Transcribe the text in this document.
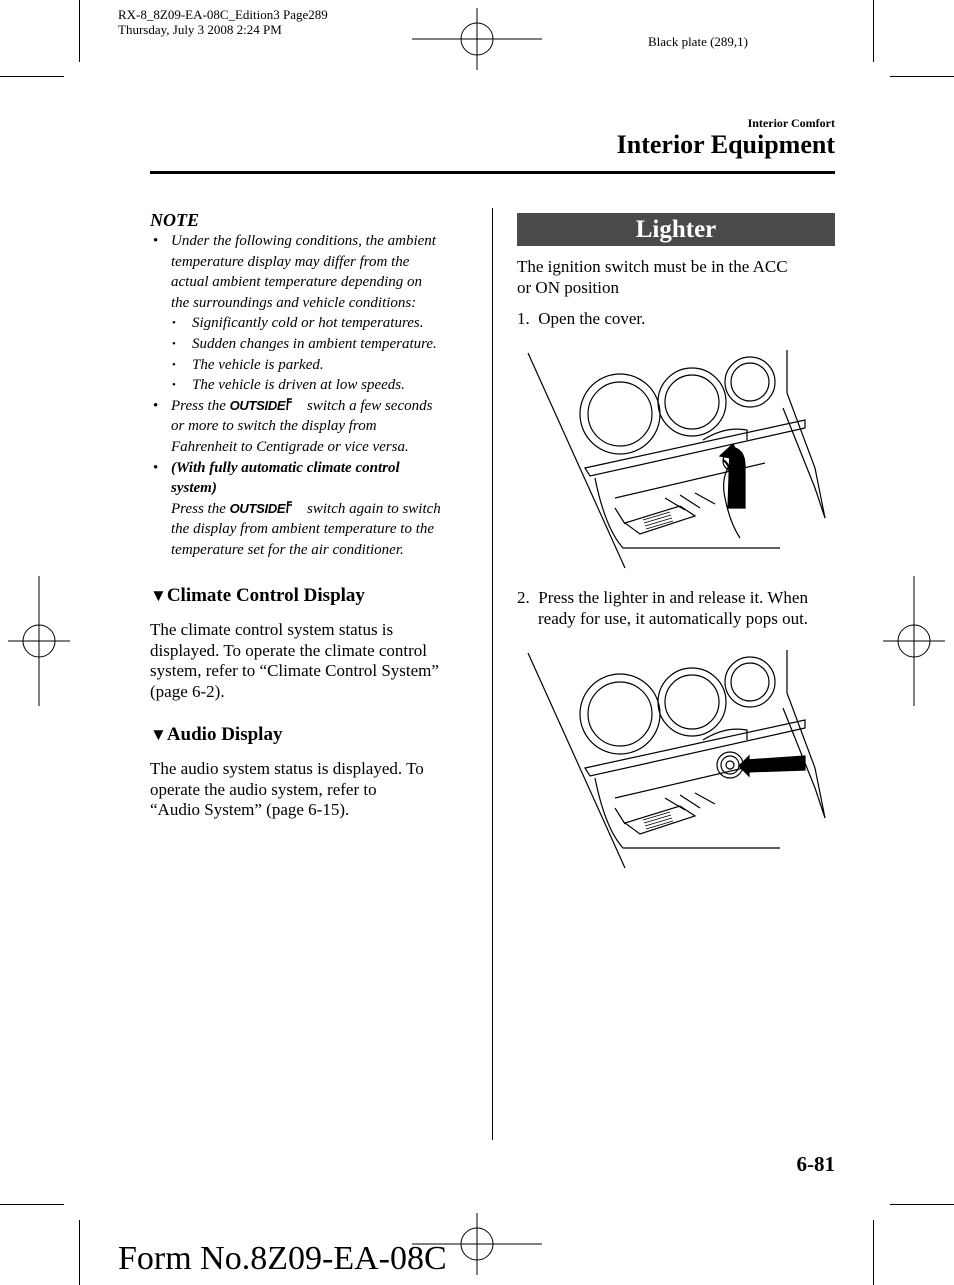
RX-8_8Z09-EA-08C_Edition3 Page289
Thursday, July 3 2008 2:24 PM
Black plate (289,1)
Interior Comfort
Interior Equipment
NOTE
• Under the following conditions, the ambient
temperature display may differ from the
actual ambient temperature depending on
the surroundings and vehicle conditions:
• Significantly cold or hot temperatures.
• Sudden changes in ambient temperature.
• The vehicle is parked.
• The vehicle is driven at low speeds.
• Press the OUTSIDE switch a few seconds
or more to switch the display from
Fahrenheit to Centigrade or vice versa.
• (With fully automatic climate control
system)
Press the OUTSIDE switch again to switch
the display from ambient temperature to the
temperature set for the air conditioner.
▼Climate Control Display
The climate control system status is
displayed. To operate the climate control
system, refer to “Climate Control System”
(page 6-2).
▼Audio Display
The audio system status is displayed. To
operate the audio system, refer to
“Audio System” (page 6-15).
Lighter
The ignition switch must be in the ACC
or ON position
1. Open the cover.
2. Press the lighter in and release it. When
ready for use, it automatically pops out.
6-81
Form No.8Z09-EA-08C
